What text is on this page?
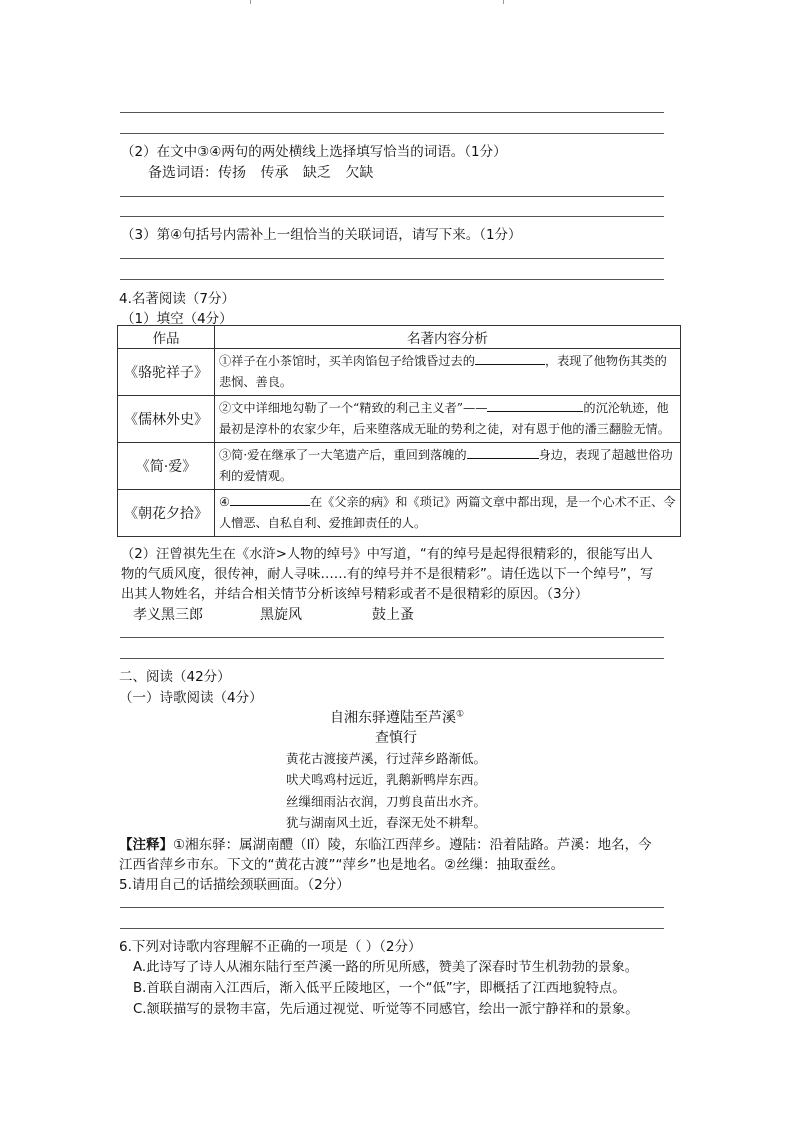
（2）在文中③④两句的两处横线上选择填写恰当的词语。（1分）
备选词语：传扬 传承 缺乏 欠缺
（3）第④句括号内需补上一组恰当的关联词语，请写下来。（1分）
4.名著阅读（7分）
（1）填空（4分）
作品	名著内容分析
《骆驼祥子》	①祥子在小茶馆时，买羊肉馅包子给饿昏过去的 ，表现了他物伤其类的悲悯、善良。
《儒林外史》	②文中详细地勾勒了一个“精致的利己主义者”—— 的沉沦轨迹，他最初是淳朴的农家少年，后来堕落成无耻的势利之徒，对有恩于他的潘三翻脸无情。
《简·爱》	③简·爱在继承了一大笔遗产后，重回到落魄的 身边，表现了超越世俗功利的爱情观。
《朝花夕拾》	④ 在《父亲的病》和《琐记》两篇文章中都出现，是一个心术不正、令人憎恶、自私自利、爱推卸责任的人。
（2）汪曾祺先生在《水浒>人物的绰号》中写道，“有的绰号是起得很精彩的，很能写出人
物的气质风度，很传神，耐人寻味……有的绰号并不是很精彩”。请任选以下一个绰号”，写
出其人物姓名，并结合相关情节分析该绰号精彩或者不是很精彩的原因。（3分）
孝义黑三郎	黑旋风	鼓上蚤
二、阅读（42分）
（一）诗歌阅读（4分）
自湘东驿遵陆至芦溪①
查慎行
黄花古渡接芦溪，行过萍乡路渐低。
吠犬鸣鸡村远近，乳鹅新鸭岸东西。
丝缫细雨沾衣润，刀剪良苗出水齐。
犹与湖南风土近，春深无处不耕犁。
【注释】①湘东驿：属湖南醴（lǐ）陵，东临江西萍乡。遵陆：沿着陆路。芦溪：地名，今
江西省萍乡市东。下文的“黄花古渡”“萍乡”也是地名。②丝缫：抽取蚕丝。
5.请用自己的话描绘颈联画面。（2分）
6.下列对诗歌内容理解不正确的一项是（ ）（2分）
A.此诗写了诗人从湘东陆行至芦溪一路的所见所感，赞美了深春时节生机勃勃的景象。
B.首联自湖南入江西后，渐入低平丘陵地区，一个“低”字，即概括了江西地貌特点。
C.颔联描写的景物丰富，先后通过视觉、听觉等不同感官，绘出一派宁静祥和的景象。
